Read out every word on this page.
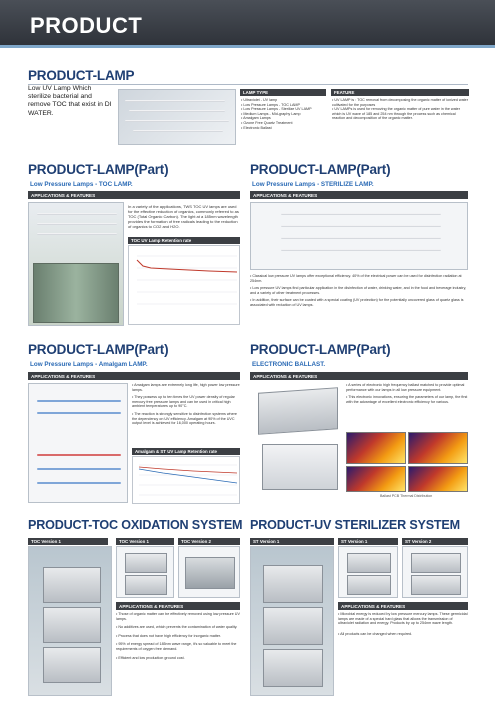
PRODUCT
PRODUCT-LAMP
Low UV Lamp Which sterilize bacterial and remove TOC that exist in DI WATER.
LAMP TYPE	FEATURE
• Ultraviolet - UV lamp
• Low Pressure Lamps - TOC LAMP
• Low Pressure Lamps - Sterilize UV LAMP
• Medium Lamps - Mid-graphy Lamp
• Amalgam Lamps
• Ozone Free Quartz Treatment
• Electronic Ballast
• UV LAMP is : TOC removal from decomposing the organic matter of ionized water cultivated for the purposes
• UV LAMPs is used for removing the organic matter of pure water in the water which is UV wave of 185 and 254 nm through the process such as chemical reaction and decomposition of the organic matter.
PRODUCT-LAMP(Part)
Low Pressure Lamps - TOC LAMP.
APPLICATIONS & FEATURES
In a variety of the applications, TWS TOC UV lamps are used for the effective reduction of organics, commonly referred to as TOC (Total Organic Carbon). The light at a 185nm wavelength provides the formation of free radicals leading to the reduction of organics to CO2 and H2O.
TOC UV Lamp Retention rate
PRODUCT-LAMP(Part)
Low Pressure Lamps - STERILIZE LAMP.
APPLICATIONS & FEATURES
• Classical low pressure UV lamps offer exceptional efficiency. 40% of the electrical power can be used for disinfection radiation at 254nm.
• Low pressure UV lamps find particular application in the disinfection of water, drinking water, and in the food and beverage industry, and a variety of other treatment processes.
• In addition, their surface can be coated with a special coating (UV protection) for the potentially uncovered glass of quartz glass is associated with reduction of UV lamps.
PRODUCT-LAMP(Part)
Low Pressure Lamps - Amalgam LAMP.
APPLICATIONS & FEATURES
• Amalgam lamps are extremely long life, high power low pressure lamps.
• They possess up to ten times the UV power density of regular mercury free pressure lamps and can be used in critical high ambient temperatures up to 90°C.
• The reaction is strongly sensitive to disinfection systems where the dependency on UV efficiency. Amalgam at 90% of the UVC output level is achieved for 16,000 operating hours.
Amalgam & ST UV Lamp Retention rate
PRODUCT-LAMP(Part)
ELECTRONIC BALLAST.
APPLICATIONS & FEATURES
• A series of electronic high frequency ballast matched to provide optimal performance with our lamps in all low pressure equipment.
• This electronic innovations, ensuring the parameters of our lamp, the first with the advantage of excellent electronic efficiency for various.
Ballast PCB Thermal Distribution
PRODUCT-TOC OXIDATION SYSTEM
TOC Version 1	TOC Version 1	TOC Version 2
APPLICATIONS & FEATURES
• Those of organic matter can be effectively removed using low pressure UV lamps.
• No additives are used, which prevents the contamination of water quality.
• Process that does not have high efficiency for inorganic matter.
• 95% of energy spread of 185nm wave range, it's so valuable to meet the requirements of oxygen free demand.
• Efficient and low production ground cost.
PRODUCT-UV STERILIZER SYSTEM
ST Version 1	ST Version 1	ST Version 2
APPLICATIONS & FEATURES
• Microbial energy is reduced by low pressure mercury lamps. These germicidal lamps are made of a special hard glass that allows the transmission of ultraviolet radiation and energy. Products by up to 254nm wave length.
• All products can be changed when required.
